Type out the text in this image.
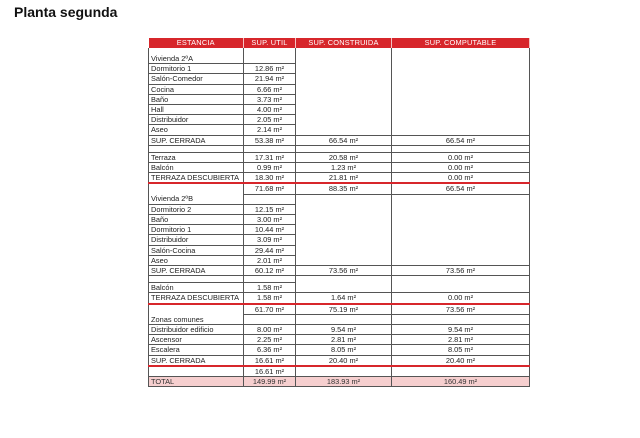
Planta segunda
ESTANCIA	SUP. UTIL	SUP. CONSTRUIDA	SUP. COMPUTABLE

Vivienda 2ºA			
Dormitorio 1	12.86 m²		
Salón-Comedor	21.94 m²		
Cocina	6.66 m²		
Baño	3.73 m²		
Hall	4.00 m²		
Distribuidor	2.05 m²		
Aseo	2.14 m²		
SUP. CERRADA	53.38 m²	66.54 m²	66.54 m²

Terraza	17.31 m²	20.58 m²	0.00 m²
Balcón	0.99 m²	1.23 m²	0.00 m²
TERRAZA DESCUBIERTA	18.30 m²	21.81 m²	0.00 m²
	71.68 m²	88.35 m²	66.54 m²
Vivienda 2ºB			
Dormitorio 2	12.15 m²		
Baño	3.00 m²		
Dormitorio 1	10.44 m²		
Distribuidor	3.09 m²		
Salón-Cocina	29.44 m²		
Aseo	2.01 m²		
SUP. CERRADA	60.12 m²	73.56 m²	73.56 m²

Balcón	1.58 m²		
TERRAZA DESCUBIERTA	1.58 m²	1.64 m²	0.00 m²
	61.70 m²	75.19 m²	73.56 m²
Zonas comunes			
Distribuidor edificio	8.00 m²	9.54 m²	9.54 m²
Ascensor	2.25 m²	2.81 m²	2.81 m²
Escalera	6.36 m²	8.05 m²	8.05 m²
SUP. CERRADA	16.61 m²	20.40 m²	20.40 m²
	16.61 m²		
TOTAL	149.99 m²	183.93 m²	160.49 m²
